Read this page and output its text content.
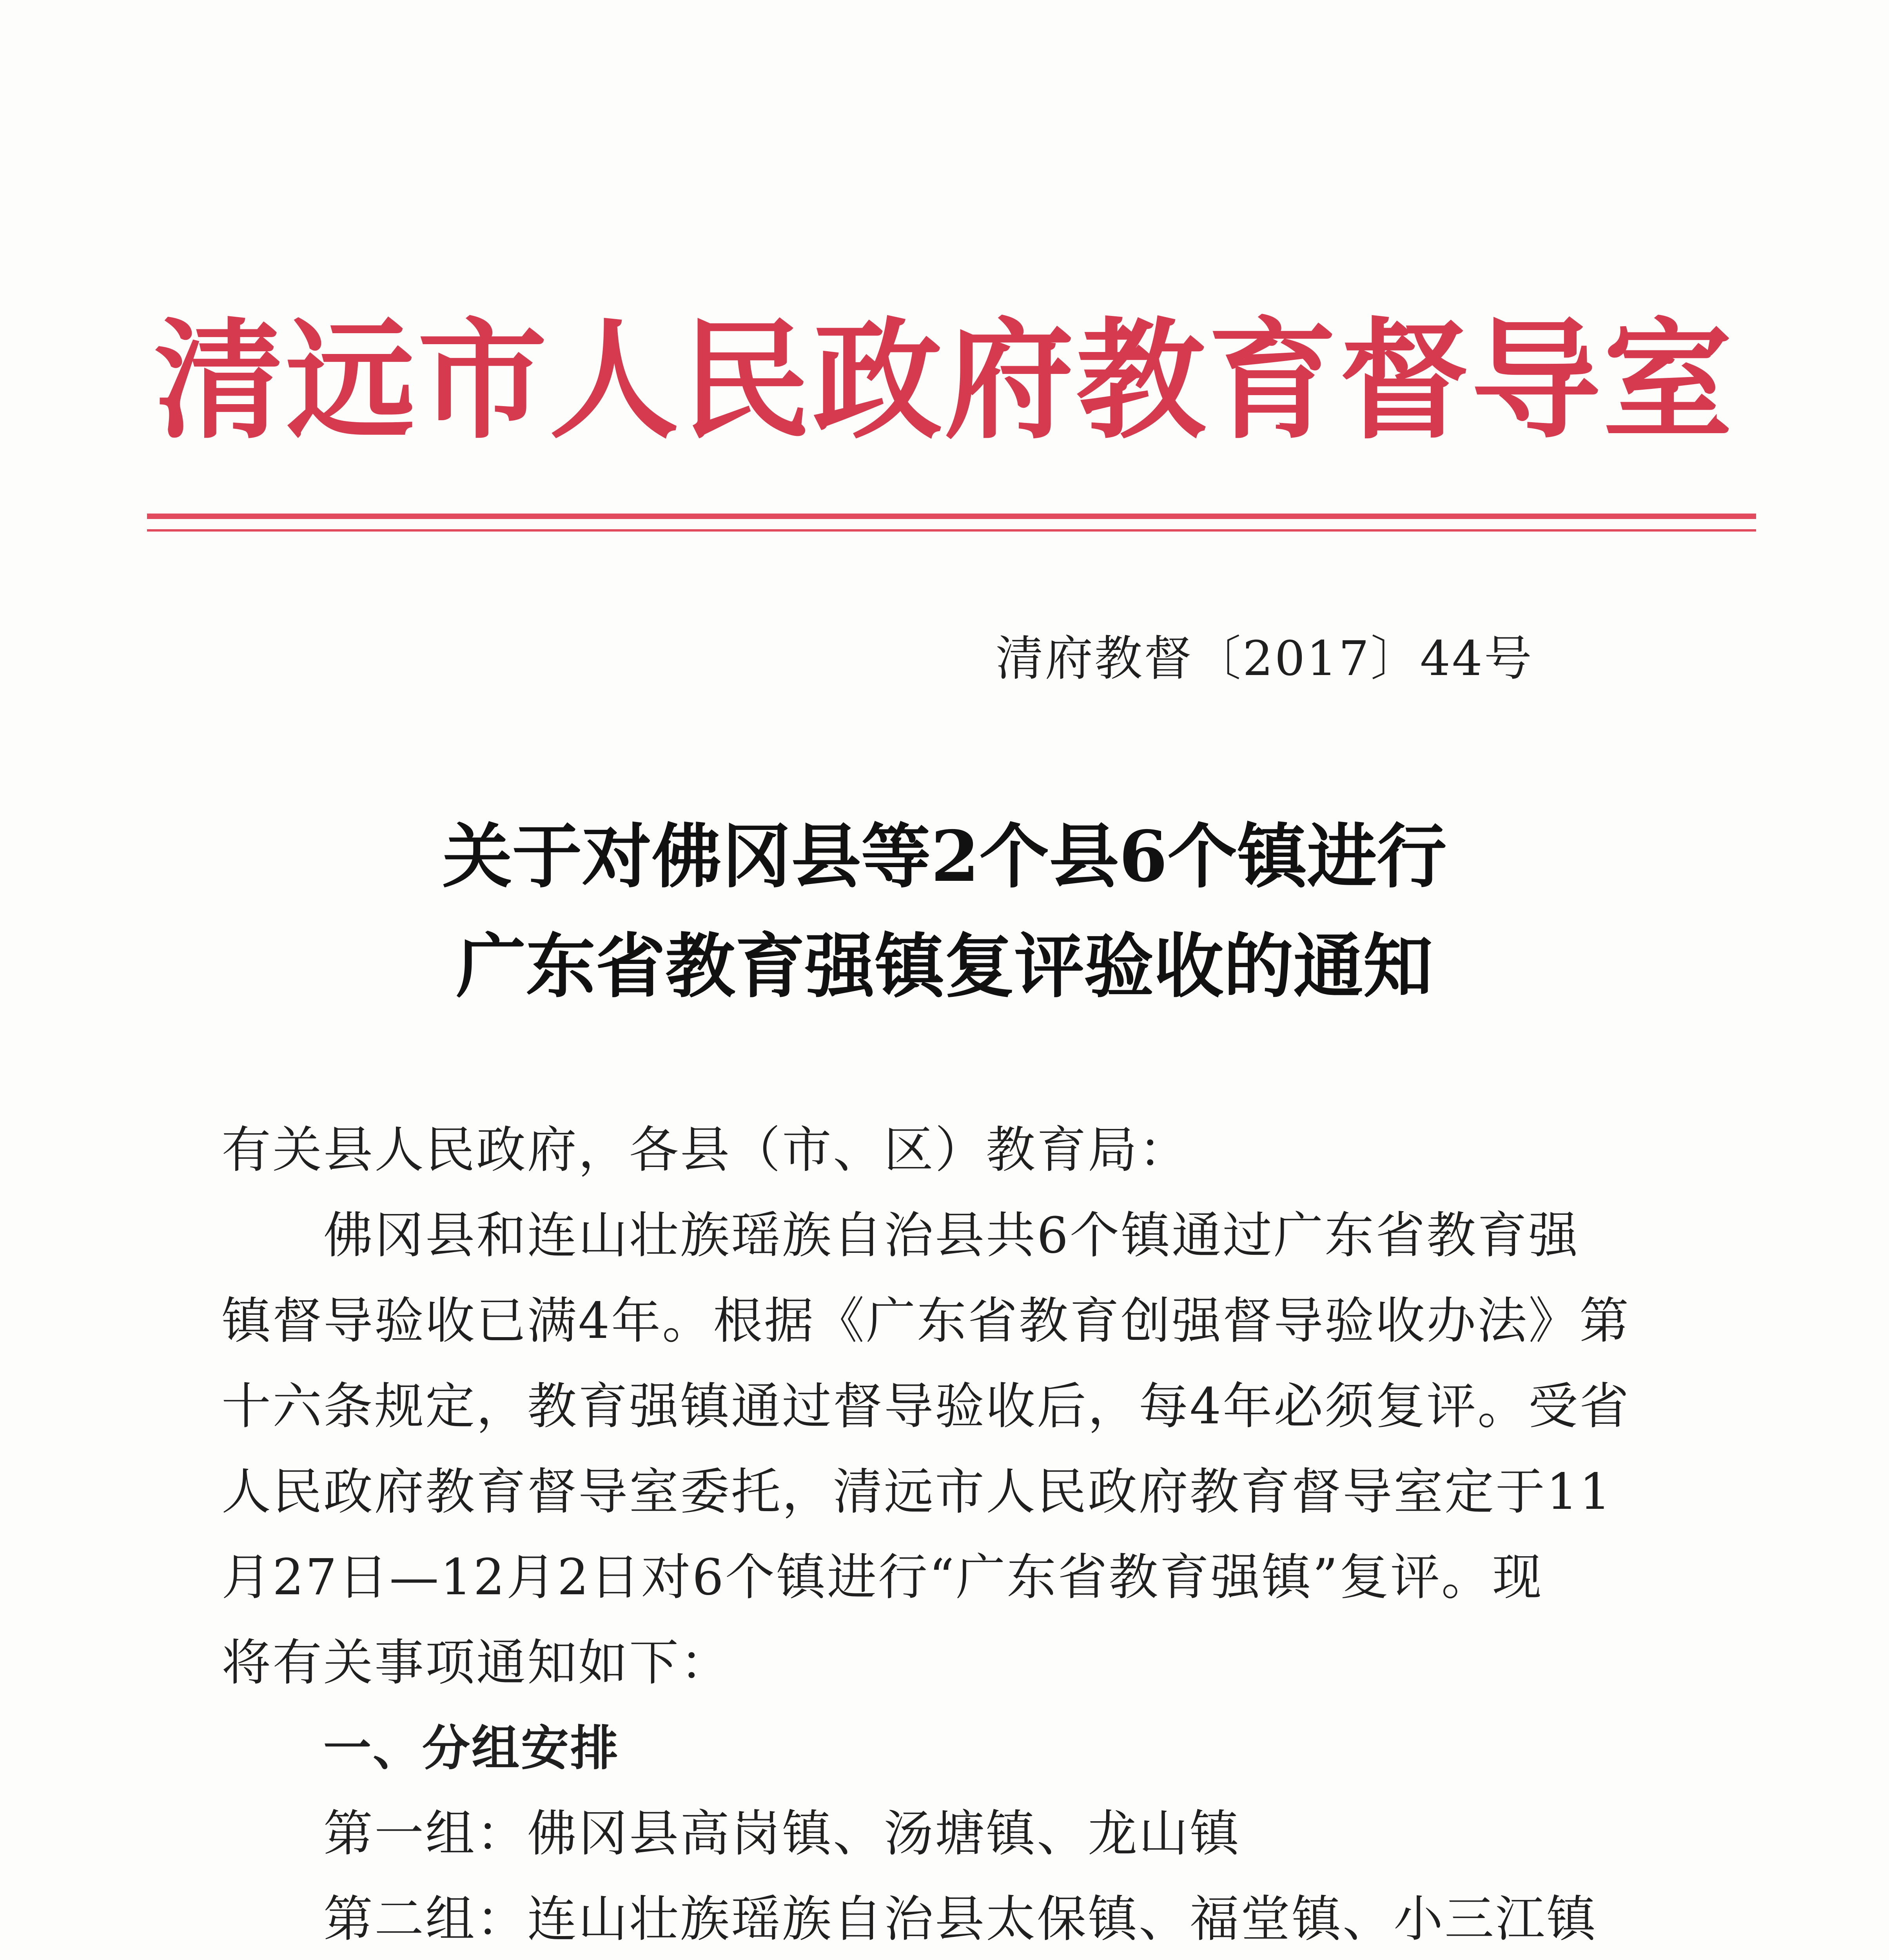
清远市人民政府教育督导室
清府教督〔2017〕44号
关于对佛冈县等2个县6个镇进行
广东省教育强镇复评验收的通知
有关县人民政府，各县（市、区）教育局：
佛冈县和连山壮族瑶族自治县共6个镇通过广东省教育强
镇督导验收已满4年。根据《广东省教育创强督导验收办法》第
十六条规定，教育强镇通过督导验收后，每4年必须复评。受省
人民政府教育督导室委托，清远市人民政府教育督导室定于11
月27日—12月2日对6个镇进行“广东省教育强镇”复评。现
将有关事项通知如下：
一、分组安排
第一组：佛冈县高岗镇、汤塘镇、龙山镇
第二组：连山壮族瑶族自治县太保镇、福堂镇、小三江镇
